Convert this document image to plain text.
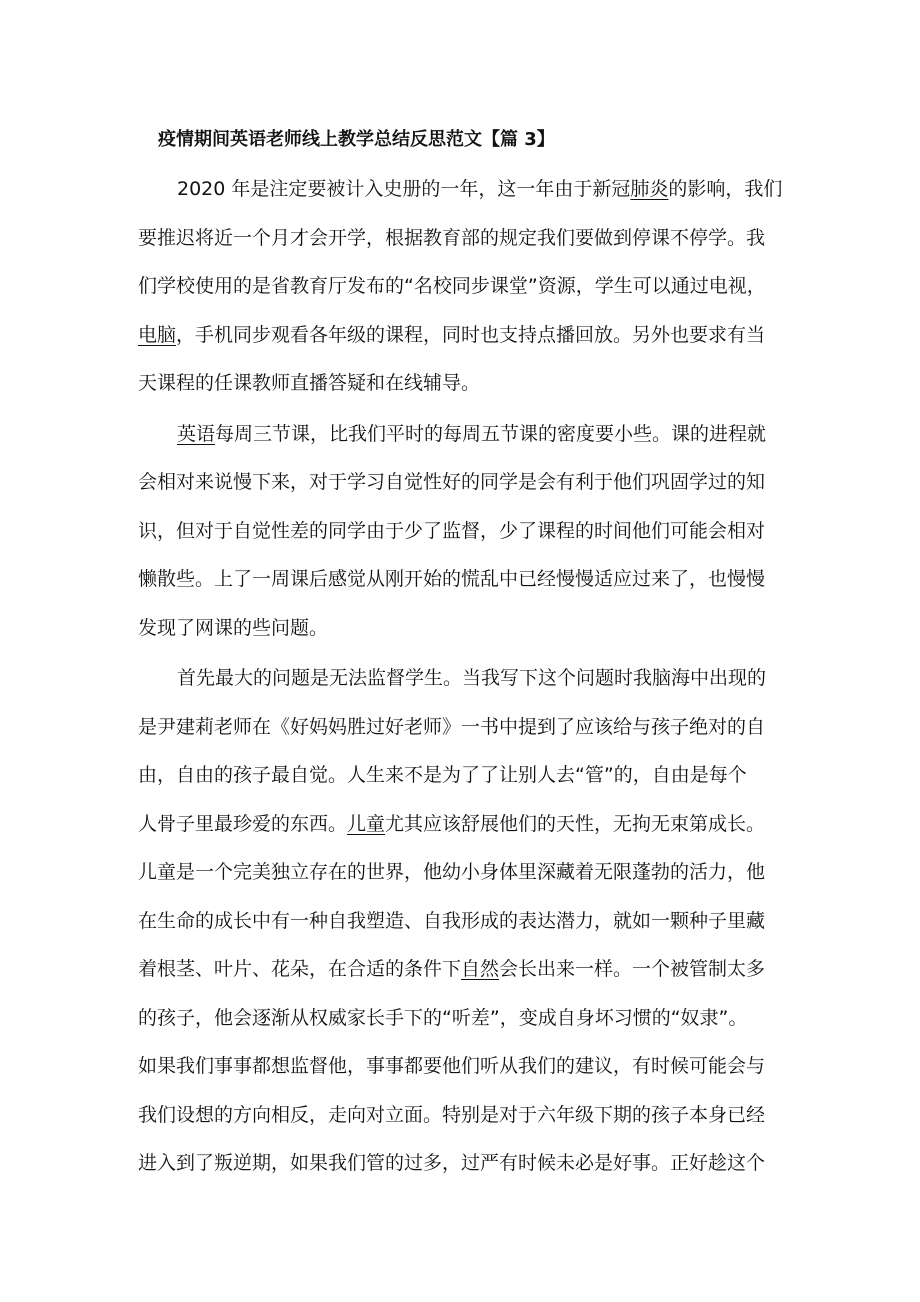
疫情期间英语老师线上教学总结反思范文【篇 3】
2020 年是注定要被计入史册的一年，这一年由于新冠肺炎的影响，我们
要推迟将近一个月才会开学，根据教育部的规定我们要做到停课不停学。我
们学校使用的是省教育厅发布的“名校同步课堂”资源，学生可以通过电视，
电脑，手机同步观看各年级的课程，同时也支持点播回放。另外也要求有当
天课程的任课教师直播答疑和在线辅导。
英语每周三节课，比我们平时的每周五节课的密度要小些。课的进程就
会相对来说慢下来，对于学习自觉性好的同学是会有利于他们巩固学过的知
识，但对于自觉性差的同学由于少了监督，少了课程的时间他们可能会相对
懒散些。上了一周课后感觉从刚开始的慌乱中已经慢慢适应过来了，也慢慢
发现了网课的些问题。
首先最大的问题是无法监督学生。当我写下这个问题时我脑海中出现的
是尹建莉老师在《好妈妈胜过好老师》一书中提到了应该给与孩子绝对的自
由，自由的孩子最自觉。人生来不是为了了让别人去“管”的，自由是每个
人骨子里最珍爱的东西。儿童尤其应该舒展他们的天性，无拘无束第成长。
儿童是一个完美独立存在的世界，他幼小身体里深藏着无限蓬勃的活力，他
在生命的成长中有一种自我塑造、自我形成的表达潜力，就如一颗种子里藏
着根茎、叶片、花朵，在合适的条件下自然会长出来一样。一个被管制太多
的孩子，他会逐渐从权威家长手下的“听差”，变成自身坏习惯的“奴隶”。
如果我们事事都想监督他，事事都要他们听从我们的建议，有时候可能会与
我们设想的方向相反，走向对立面。特别是对于六年级下期的孩子本身已经
进入到了叛逆期，如果我们管的过多，过严有时候未必是好事。正好趁这个
